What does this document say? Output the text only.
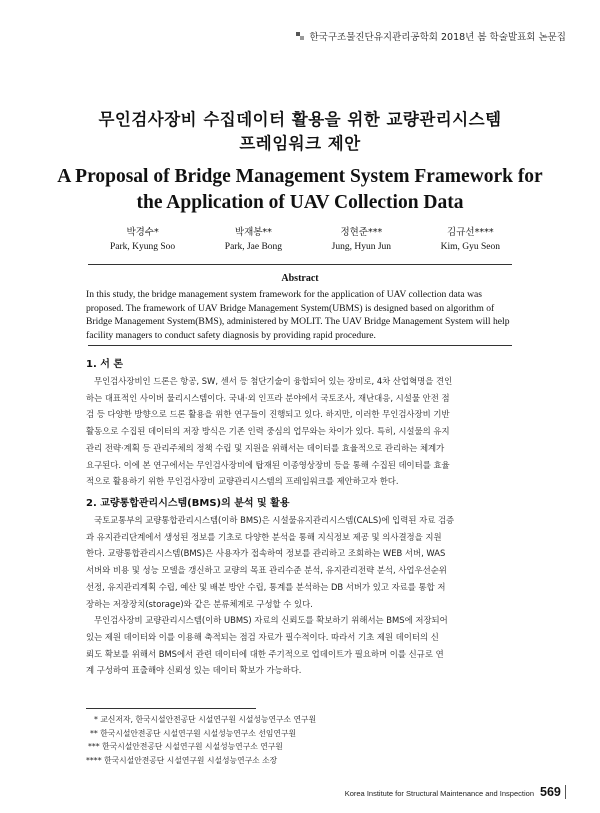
한국구조물진단유지관리공학회 2018년 봄 학술발표회 논문집
무인검사장비 수집데이터 활용을 위한 교량관리시스템
프레임워크 제안
A Proposal of Bridge Management System Framework for
the Application of UAV Collection Data
박경수*
Park, Kyung Soo
박재봉**
Park, Jae Bong
정현준***
Jung, Hyun Jun
김규선****
Kim, Gyu Seon
Abstract
In this study, the bridge management system framework for the application of UAV collection data was
proposed. The framework of UAV Bridge Management System(UBMS) is designed based on algorithm of
Bridge Management System(BMS), administered by MOLIT. The UAV Bridge Management System will help
facility managers to conduct safety diagnosis by providing rapid procedure.
1. 서 론
무인검사장비인 드론은 항공, SW, 센서 등 첨단기술이 융합되어 있는 장비로, 4차 산업혁명을 견인
하는 대표적인 사이버 물리시스템이다. 국내·외 인프라 분야에서 국토조사, 재난대응, 시설물 안전 점
검 등 다양한 방향으로 드론 활용을 위한 연구들이 진행되고 있다. 하지만, 이러한 무인검사장비 기반
활동으로 수집된 데이터의 저장 방식은 기존 인력 중심의 업무와는 차이가 있다. 특히, 시설물의 유지
관리 전략·계획 등 관리주체의 정책 수립 및 지원을 위해서는 데이터를 효율적으로 관리하는 체계가
요구된다. 이에 본 연구에서는 무인검사장비에 탑재된 이종영상장비 등을 통해 수집된 데이터를 효율
적으로 활용하기 위한 무인검사장비 교량관리시스템의 프레임워크를 제안하고자 한다.
2. 교량통합관리시스템(BMS)의 분석 및 활용
국토교통부의 교량통합관리시스템(이하 BMS)은 시설물유지관리시스템(CALS)에 입력된 자료 검증
과 유지관리단계에서 생성된 정보를 기초로 다양한 분석을 통해 지식정보 제공 및 의사결정을 지원
한다. 교량통합관리시스템(BMS)은 사용자가 접속하여 정보를 관리하고 조회하는 WEB 서버, WAS
서버와 비용 및 성능 모델을 갱신하고 교량의 목표 관리수준 분석, 유지관리전략 분석, 사업우선순위
선정, 유지관리계획 수립, 예산 및 배분 방안 수립, 통계를 분석하는 DB 서버가 있고 자료를 통합 저
장하는 저장장치(storage)와 같은 분류체계로 구성할 수 있다.
무인검사장비 교량관리시스템(이하 UBMS) 자료의 신뢰도를 확보하기 위해서는 BMS에 저장되어
있는 제원 데이터와 이를 이용해 축적되는 점검 자료가 필수적이다. 따라서 기초 제원 데이터의 신
뢰도 확보를 위해서 BMS에서 관련 데이터에 대한 주기적으로 업데이트가 필요하며 이를 신규로 연
계 구성하여 표출해야 신뢰성 있는 데이터 확보가 가능하다.
* 교신저자, 한국시설안전공단 시설연구원 시설성능연구소 연구원
** 한국시설안전공단 시설연구원 시설성능연구소 선임연구원
*** 한국시설안전공단 시설연구원 시설성능연구소 연구원
**** 한국시설안전공단 시설연구원 시설성능연구소 소장
Korea Institute for Structural Maintenance and Inspection 569
